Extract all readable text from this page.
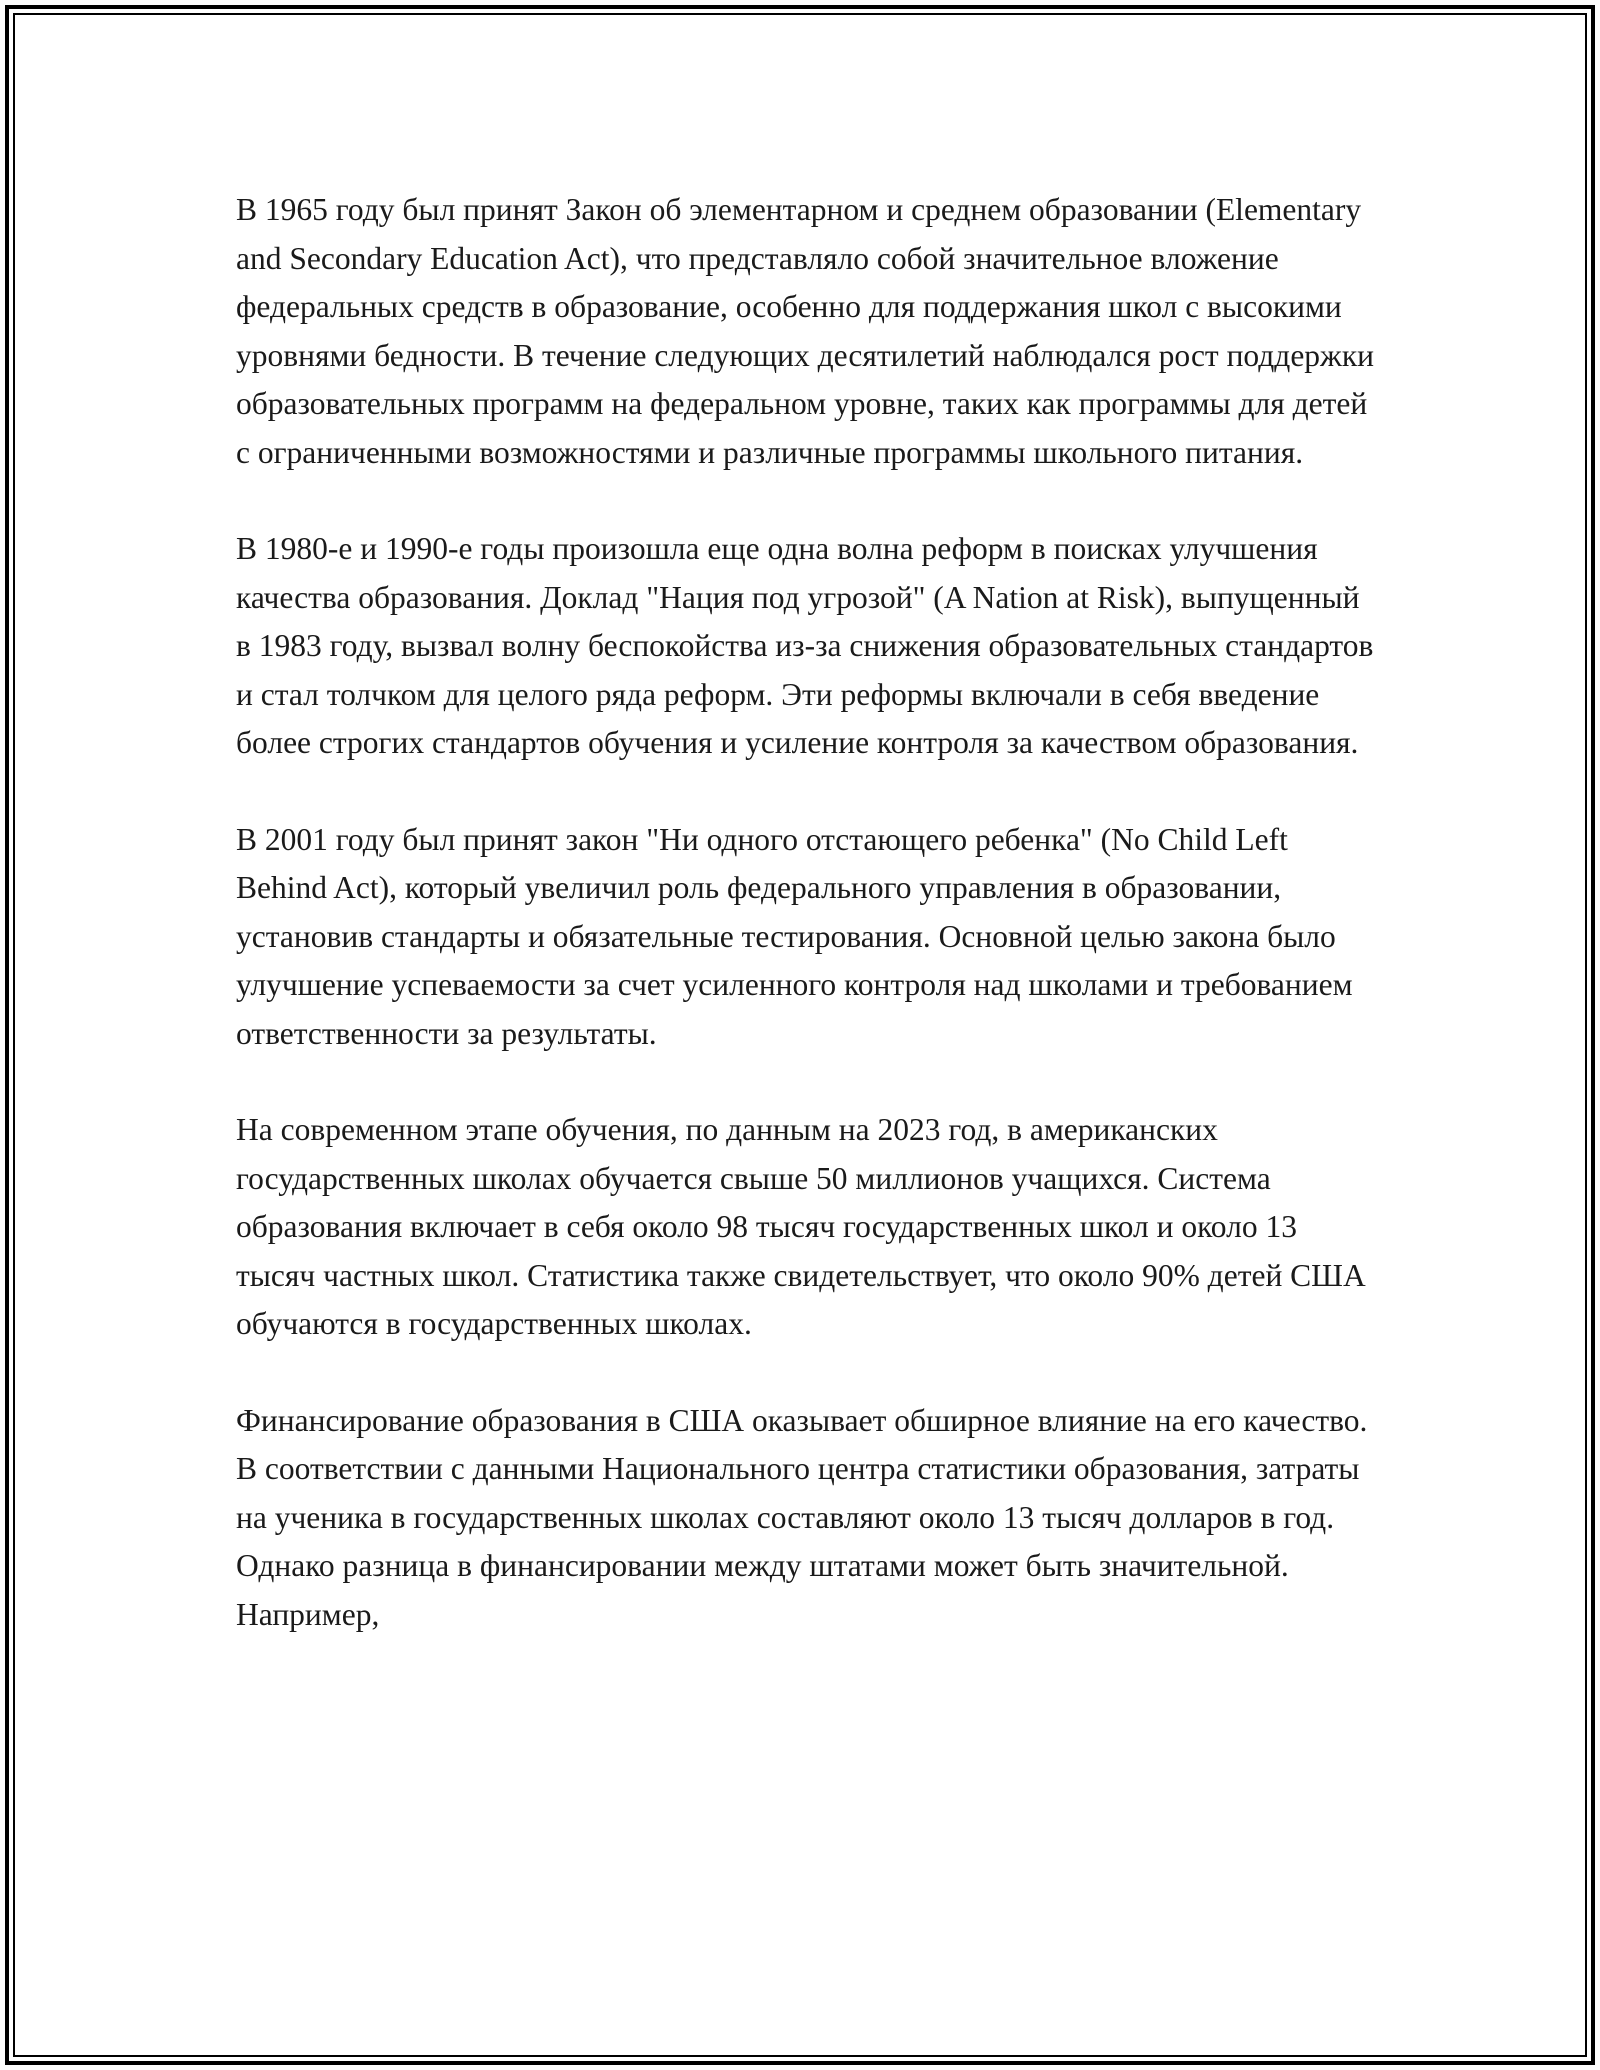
В 1965 году был принят Закон об элементарном и среднем образовании (Elementary and Secondary Education Act), что представляло собой значительное вложение федеральных средств в образование, особенно для поддержания школ с высокими уровнями бедности. В течение следующих десятилетий наблюдался рост поддержки образовательных программ на федеральном уровне, таких как программы для детей с ограниченными возможностями и различные программы школьного питания.

В 1980-е и 1990-е годы произошла еще одна волна реформ в поисках улучшения качества образования. Доклад "Нация под угрозой" (A Nation at Risk), выпущенный в 1983 году, вызвал волну беспокойства из-за снижения образовательных стандартов и стал толчком для целого ряда реформ. Эти реформы включали в себя введение более строгих стандартов обучения и усиление контроля за качеством образования.

В 2001 году был принят закон "Ни одного отстающего ребенка" (No Child Left Behind Act), который увеличил роль федерального управления в образовании, установив стандарты и обязательные тестирования. Основной целью закона было улучшение успеваемости за счет усиленного контроля над школами и требованием ответственности за результаты.

На современном этапе обучения, по данным на 2023 год, в американских государственных школах обучается свыше 50 миллионов учащихся. Система образования включает в себя около 98 тысяч государственных школ и около 13 тысяч частных школ. Статистика также свидетельствует, что около 90% детей США обучаются в государственных школах.

Финансирование образования в США оказывает обширное влияние на его качество. В соответствии с данными Национального центра статистики образования, затраты на ученика в государственных школах составляют около 13 тысяч долларов в год. Однако разница в финансировании между штатами может быть значительной. Например,
